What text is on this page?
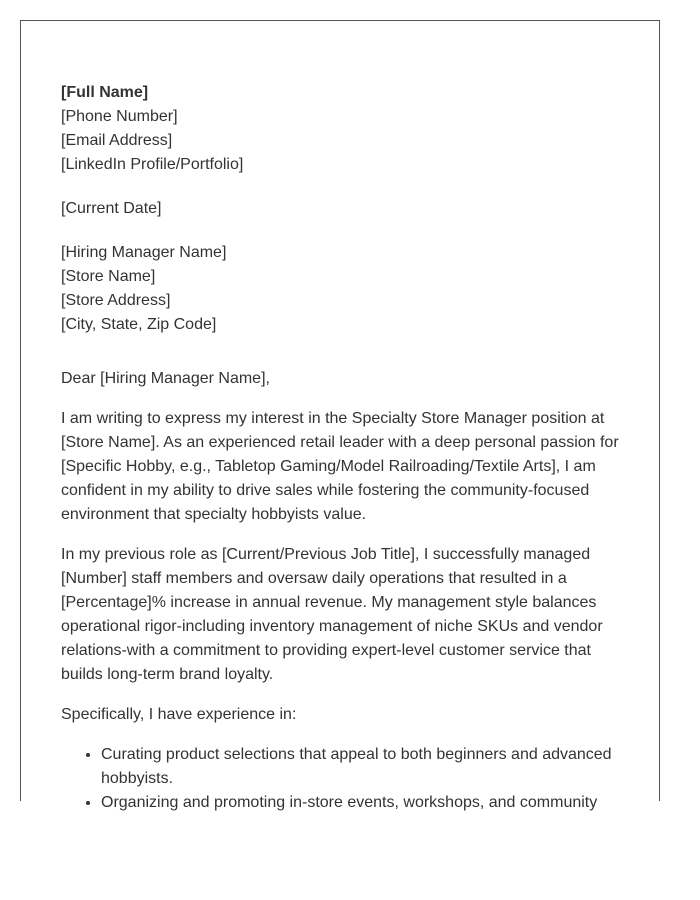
[Full Name]
[Phone Number]
[Email Address]
[LinkedIn Profile/Portfolio]
[Current Date]
[Hiring Manager Name]
[Store Name]
[Store Address]
[City, State, Zip Code]
Dear [Hiring Manager Name],

I am writing to express my interest in the Specialty Store Manager position at [Store Name]. As an experienced retail leader with a deep personal passion for [Specific Hobby, e.g., Tabletop Gaming/Model Railroading/Textile Arts], I am confident in my ability to drive sales while fostering the community-focused environment that specialty hobbyists value.

In my previous role as [Current/Previous Job Title], I successfully managed [Number] staff members and oversaw daily operations that resulted in a [Percentage]% increase in annual revenue. My management style balances operational rigor-including inventory management of niche SKUs and vendor relations-with a commitment to providing expert-level customer service that builds long-term brand loyalty.

Specifically, I have experience in:

• Curating product selections that appeal to both beginners and advanced hobbyists.
• Organizing and promoting in-store events, workshops, and community
